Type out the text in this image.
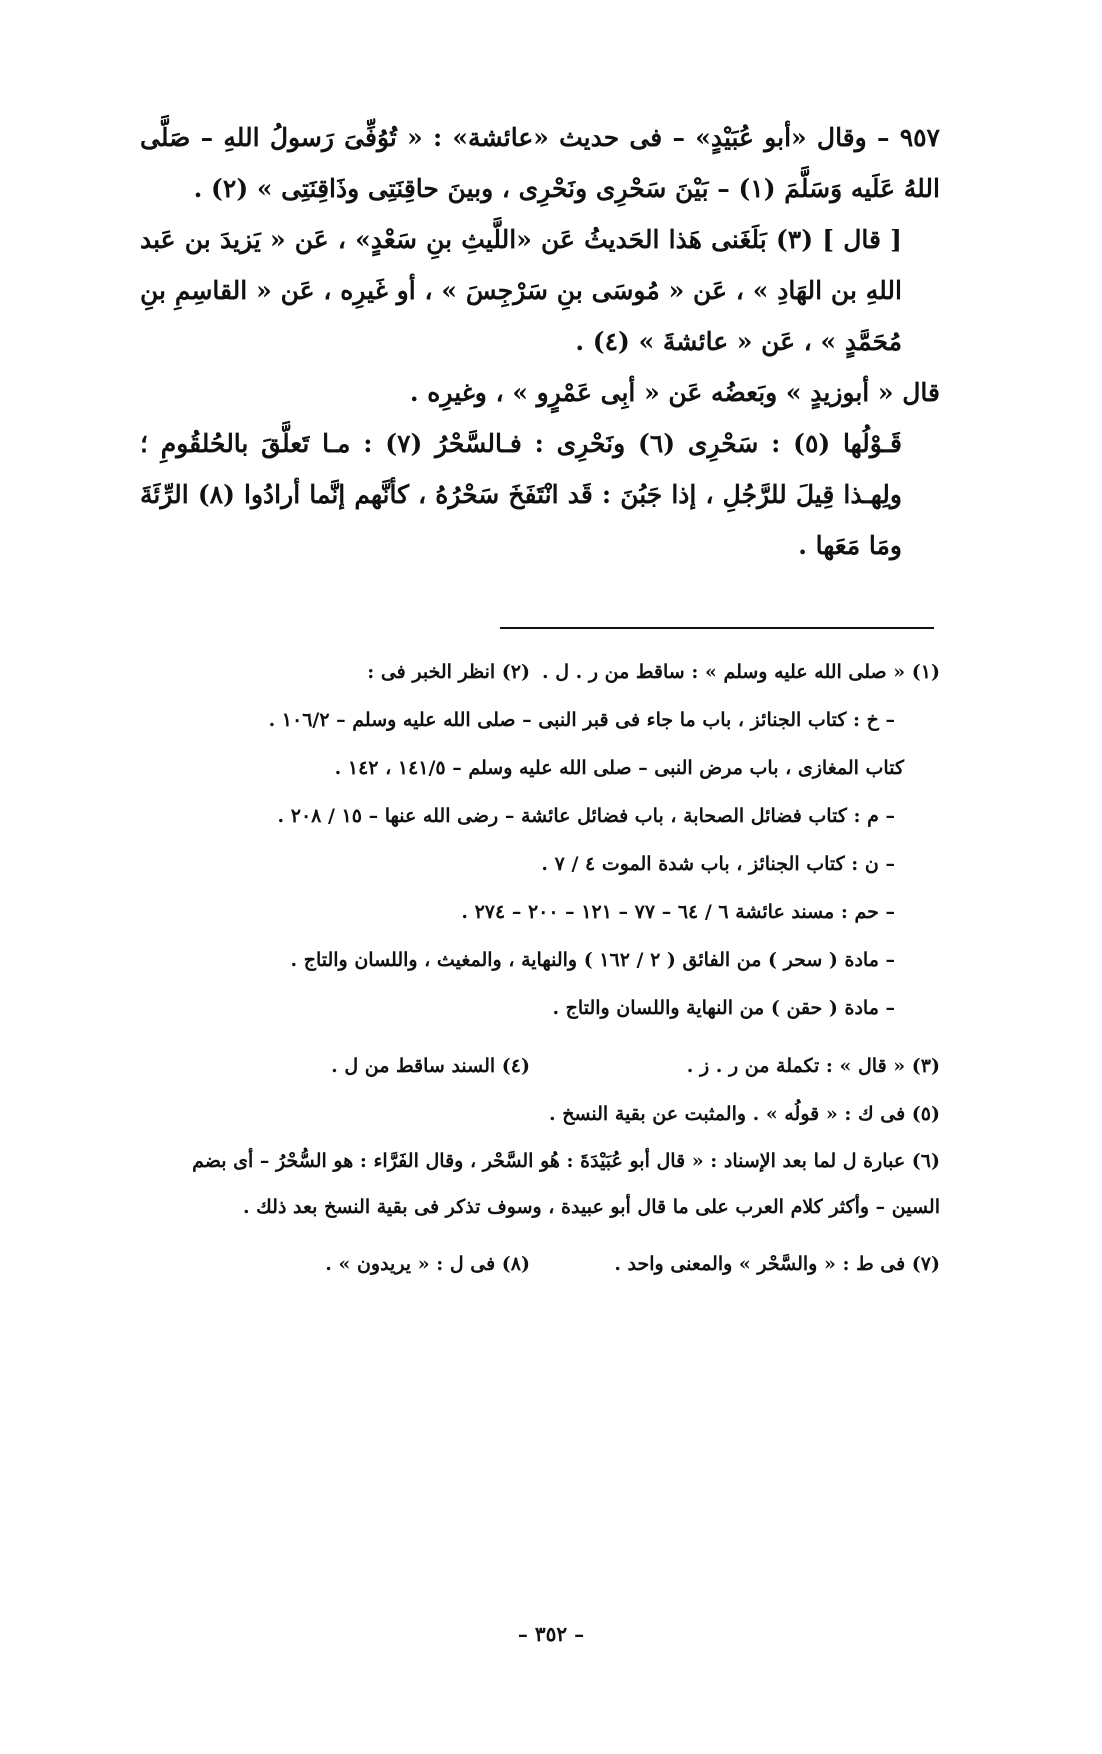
٩٥٧ – وقال «أبو عُبَيْدٍ» – فى حديث «عائشة» : « تُوُفِّىَ رَسولُ اللهِ – صَلَّى اللهُ عَلَيه وَسَلَّمَ (١) – بَيْنَ سَحْرِى ونَحْرِى ، وبينَ حاقِنَتِى وذَاقِنَتِى » (٢) .

[ قال ] (٣) بَلَغَنى هَذا الحَديثُ عَن «اللَّيثِ بنِ سَعْدٍ» ، عَن « يَزيدَ بن عَبد اللهِ بن الهَادِ » ، عَن « مُوسَى بنِ سَرْجِسَ » ، أو غَيرِه ، عَن « القاسِمِ بنِ مُحَمَّدٍ » ، عَن « عائشةَ » (٤) .

قال « أبوزيدٍ » وبَعضُه عَن « أبِى عَمْرٍو » ، وغيرِه .

قَـوْلُها (٥) : سَحْرِى (٦) ونَحْرِى : فـالسَّحْرُ (٧) : مـا تَعلَّقَ بالحُلقُومِ ؛ ولِهـذا قِيلَ للرَّجُلِ ، إذا جَبُنَ : قَد انْتَفَخَ سَحْرُهُ ، كأنَّهم إنَّما أرادُوا (٨) الرِّئَةَ ومَا مَعَها .

(١) « صلى الله عليه وسلم » : ساقط من ر . ل .
(٢) انظر الخبر فى :

– خ : كتاب الجنائز ، باب ما جاء فى قبر النبى – صلى الله عليه وسلم – ١٠٦/٢ .

كتاب المغازى ، باب مرض النبى – صلى الله عليه وسلم – ١٤١/٥ ، ١٤٢ .

– م : كتاب فضائل الصحابة ، باب فضائل عائشة – رضى الله عنها – ١٥ / ٢٠٨ .

– ن : كتاب الجنائز ، باب شدة الموت ٤ / ٧ .

– حم : مسند عائشة ٦ / ٦٤ – ٧٧ – ١٢١ – ٢٠٠ – ٢٧٤ .

– مادة ( سحر ) من الفائق ( ٢ / ١٦٢ ) والنهاية ، والمغيث ، واللسان والتاج .

– مادة ( حقن ) من النهاية واللسان والتاج .

(٣) « قال » : تكملة من ر . ز .
(٤) السند ساقط من ل .

(٥) فى ك : « قولُه » . والمثبت عن بقية النسخ .

(٦) عبارة ل لما بعد الإسناد : « قال أبو عُبَيْدَةَ : هُو السَّحْر ، وقال الفَرَّاء : هو السُّحْرُ – أى بضم السين – وأكثر كلام العرب على ما قال أبو عبيدة ، وسوف تذكر فى بقية النسخ بعد ذلك .

(٧) فى ط : « والسَّحْر » والمعنى واحد .
(٨) فى ل : « يريدون » .

– ٣٥٢ –
